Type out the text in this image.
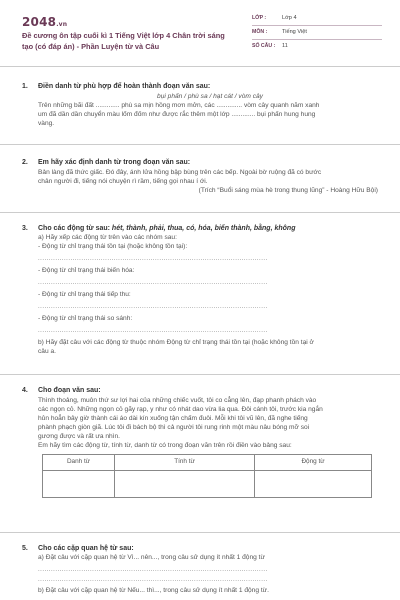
2048.vn
Đề cương ôn tập cuối kì 1 Tiếng Việt lớp 4 Chân trời sáng tạo (có đáp án) - Phần Luyện từ và Câu
LỚP :	Lớp 4
MÔN :	Tiếng Việt
SỐ CÂU :	11
1. Điền danh từ phù hợp để hoàn thành đoạn văn sau:
bụi phấn / phù sa / hạt cát / vòm cây
Trên những bãi đất ............. phù sa mịn hồng mơn mởn, các .............. vòm cây quanh năm xanh
um đã dần dần chuyển màu lốm đốm như được rắc thêm một lớp ............. bụi phấn hung hung
vàng.
2. Em hãy xác định danh từ trong đoạn văn sau:
Bản làng đã thức giấc. Đó đây, ánh lửa hồng bập bùng trên các bếp. Ngoài bờ ruộng đã có bước
chân người đi, tiếng nói chuyện rì rầm, tiếng gọi nhau í ới.
(Trích “Buổi sáng mùa hè trong thung lũng” - Hoàng Hữu Bội)
3. Cho các động từ sau: hét, thành, phải, thua, có, hóa, biến thành, bằng, không
a) Hãy xếp các động từ trên vào các nhóm sau:
- Động từ chỉ trạng thái tồn tại (hoặc không tồn tại):
..........................................................................................................
- Động từ chỉ trạng thái biến hóa:
..........................................................................................................
- Động từ chỉ trạng thái tiếp thu:
..........................................................................................................
- Động từ chỉ trạng thái so sánh:
..........................................................................................................
b) Hãy đặt câu với các động từ thuộc nhóm Động từ chỉ trạng thái tồn tại (hoặc không tồn tại ở
câu a.
4. Cho đoạn văn sau:
Thình thoảng, muôn thứ sư lợi hai của những chiếc vuốt, tôi co cẳng lên, đạp phanh phách vào
các ngọn cỏ. Những ngọn cỏ gãy rạp, y như có nhát dao vừa lia qua. Đôi cánh tôi, trước kia ngắn
hủn hoẳn bây giờ thành cái áo dài kín xuống tận chấm đuôi. Mỗi khi tôi vũ lên, đã nghe tiếng
phành phạch giòn giã. Lúc tôi đi bách bộ thì cả người tôi rung rinh một màu nâu bóng mỡ soi
gương được và rất ưa nhìn.
Em hãy tìm các động từ, tính từ, danh từ có trong đoạn văn trên rồi điền vào bảng sau:
Danh từ	Tính từ	Động từ

5. Cho các cặp quan hệ từ sau:
a) Đặt câu với cặp quan hệ từ Vì... nên..., trong câu sử dụng ít nhất 1 động từ
..........................................................................................................
..........................................................................................................
b) Đặt câu với cặp quan hệ từ Nếu... thì..., trong câu sử dụng ít nhất 1 động từ.
